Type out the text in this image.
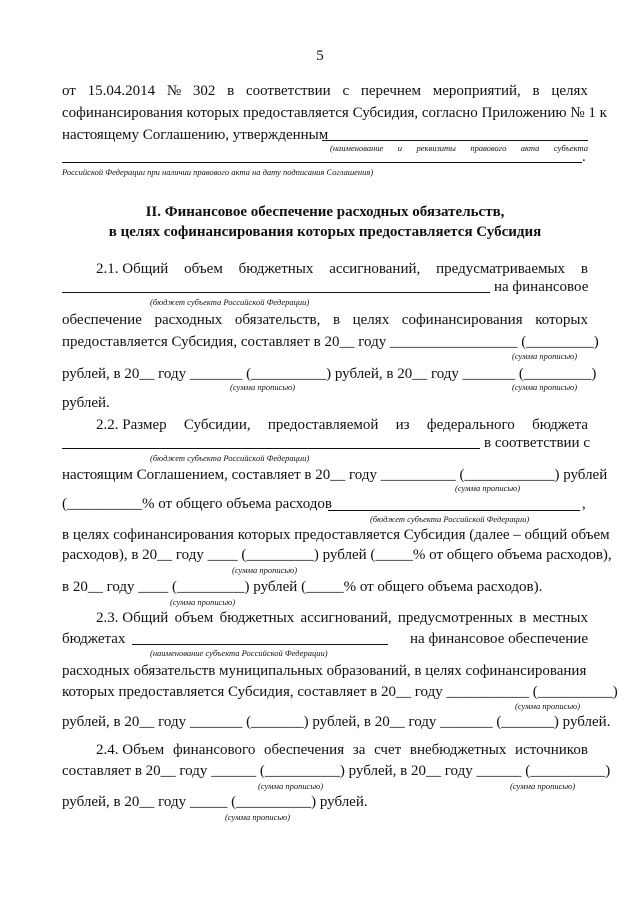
5
от 15.04.2014 № 302 в соответствии с перечнем мероприятий, в целях
софинансирования которых предоставляется Субсидия, согласно Приложению № 1 к
настоящему Соглашению, утвержденным
(наименование и реквизиты правового акта субъекта
.
Российской Федерации при наличии правового акта на дату подписания Соглашения)
II. Финансовое обеспечение расходных обязательств,
в целях софинансирования которых предоставляется Субсидия
2.1. Общий объем бюджетных ассигнований, предусматриваемых в
на финансовое
(бюджет субъекта Российской Федерации)
обеспечение расходных обязательств, в целях софинансирования которых
предоставляется Субсидия, составляет в 20__ году _________________ (_________)
(сумма прописью)
рублей, в 20__ году _______ (__________) рублей, в 20__ году _______ (_________)
(сумма прописью)	(сумма прописью)
рублей.
2.2. Размер Субсидии, предоставляемой из федерального бюджета
в соответствии с
(бюджет субъекта Российской Федерации)
настоящим Соглашением, составляет в 20__ году __________ (____________) рублей
(сумма прописью)
(__________% от общего объема расходов	,
(бюджет субъекта Российской Федерации)
в целях софинансирования которых предоставляется Субсидия (далее – общий объем
расходов), в 20__ году ____ (_________) рублей (_____% от общего объема расходов),
(сумма прописью)
в 20__ году ____ (_________) рублей (_____% от общего объема расходов).
(сумма прописью)
2.3. Общий объем бюджетных ассигнований, предусмотренных в местных
бюджетах	на финансовое обеспечение
(наименование субъекта Российской Федерации)
расходных обязательств муниципальных образований, в целях софинансирования
которых предоставляется Субсидия, составляет в 20__ году ___________ (__________)
(сумма прописью)
рублей, в 20__ году _______ (_______) рублей, в 20__ году _______ (_______) рублей.
2.4. Объем финансового обеспечения за счет внебюджетных источников
составляет в 20__ году ______ (__________) рублей, в 20__ году ______ (__________)
(сумма прописью)	(сумма прописью)
рублей, в 20__ году _____ (__________) рублей.
(сумма прописью)
